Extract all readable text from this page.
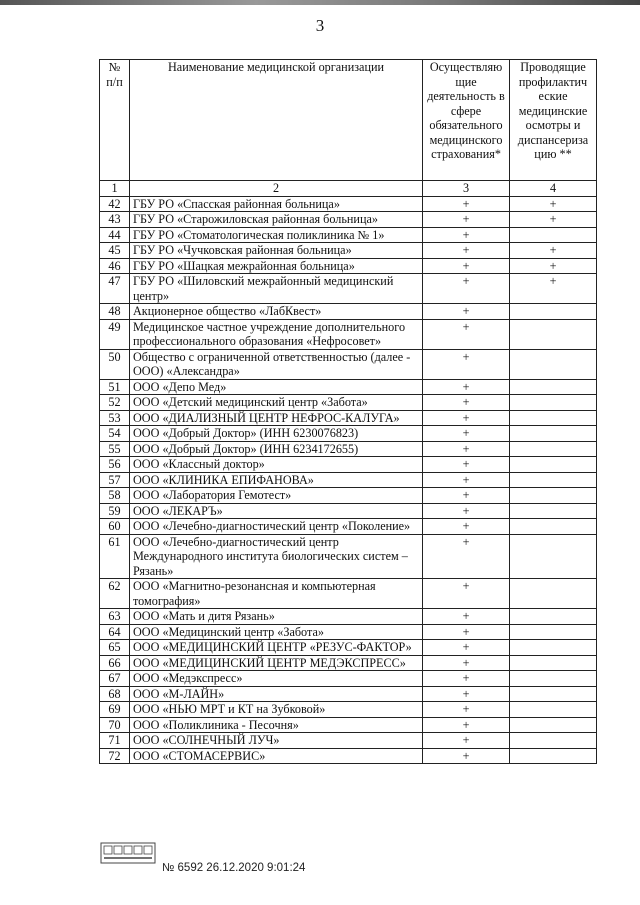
3
№ п/п	Наименование медицинской организации	Осуществляю щие деятельность в сфере обязательного медицинского страхования*	Проводящие профилактич еские медицинские осмотры и диспансериза цию **
1	2	3	4
42	ГБУ РО «Спасская районная больница»	+	+
43	ГБУ РО «Старожиловская районная больница»	+	+
44	ГБУ РО «Стоматологическая поликлиника № 1»	+	
45	ГБУ РО «Чучковская районная больница»	+	+
46	ГБУ РО «Шацкая межрайонная больница»	+	+
47	ГБУ РО «Шиловский межрайонный медицинский центр»	+	+
48	Акционерное общество «ЛабКвест»	+	
49	Медицинское частное учреждение дополнительного профессионального образования «Нефросовет»	+	
50	Общество с ограниченной ответственностью (далее - ООО) «Александра»	+	
51	ООО «Депо Мед»	+	
52	ООО «Детский медицинский центр «Забота»	+	
53	ООО «ДИАЛИЗНЫЙ ЦЕНТР НЕФРОС-КАЛУГА»	+	
54	ООО «Добрый Доктор» (ИНН 6230076823)	+	
55	ООО «Добрый Доктор» (ИНН 6234172655)	+	
56	ООО «Классный доктор»	+	
57	ООО «КЛИНИКА ЕПИФАНОВА»	+	
58	ООО «Лаборатория Гемотест»	+	
59	ООО «ЛЕКАРЪ»	+	
60	ООО «Лечебно-диагностический центр «Поколение»	+	
61	ООО «Лечебно-диагностический центр Международного института биологических систем – Рязань»	+	
62	ООО «Магнитно-резонансная и компьютерная томография»	+	
63	ООО «Мать и дитя Рязань»	+	
64	ООО «Медицинский центр «Забота»	+	
65	ООО «МЕДИЦИНСКИЙ ЦЕНТР «РЕЗУС-ФАКТОР»	+	
66	ООО «МЕДИЦИНСКИЙ ЦЕНТР МЕДЭКСПРЕСС»	+	
67	ООО «Медэкспресс»	+	
68	ООО «М-ЛАЙН»	+	
69	ООО «НЬЮ МРТ и КТ на Зубковой»	+	
70	ООО «Поликлиника - Песочня»	+	
71	ООО «СОЛНЕЧНЫЙ ЛУЧ»	+	
72	ООО «СТОМАСЕРВИС»	+	
№ 6592 26.12.2020 9:01:24
